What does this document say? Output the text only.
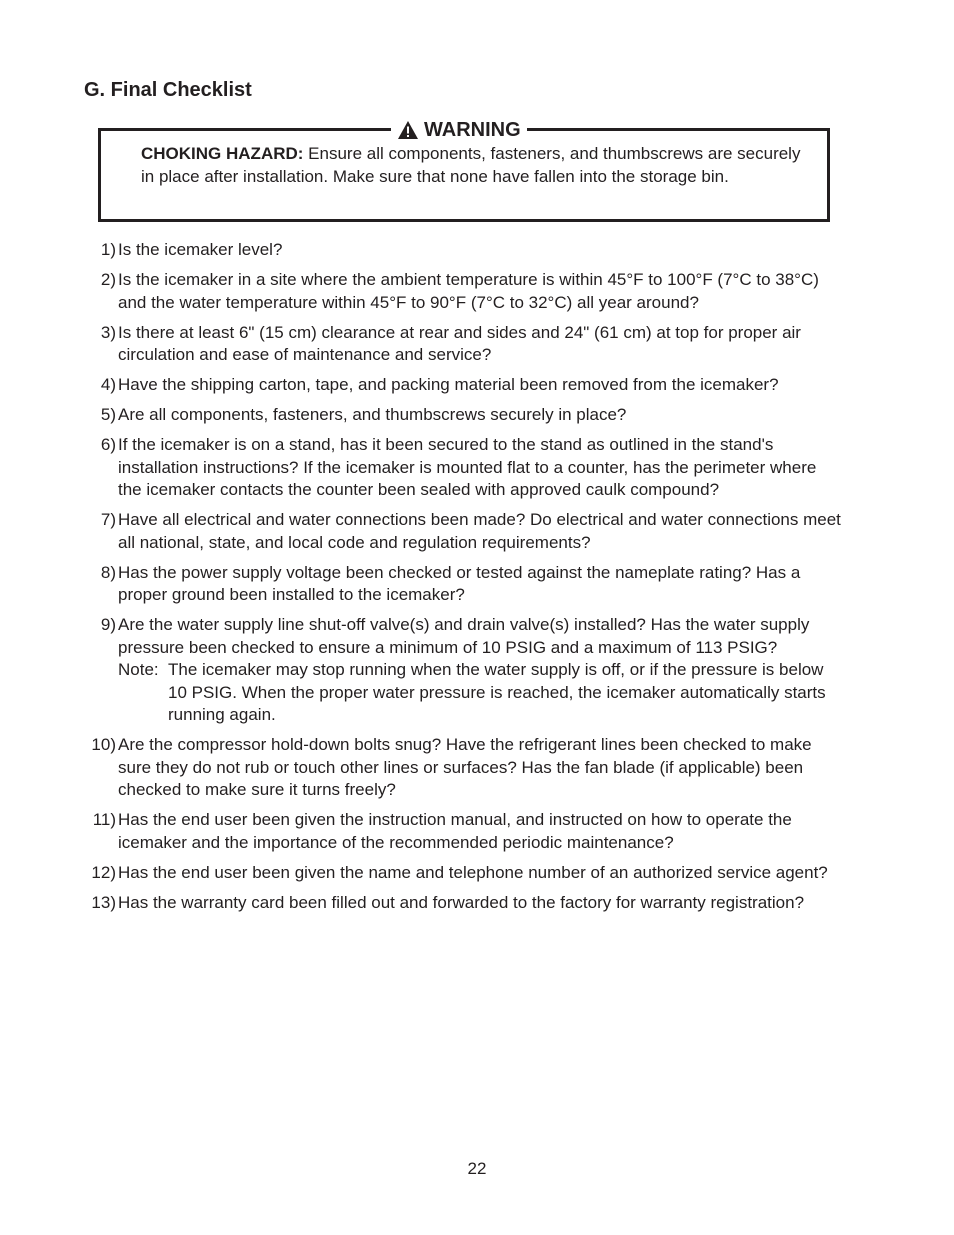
G. Final Checklist
WARNING
CHOKING HAZARD: Ensure all components, fasteners, and thumbscrews are securely in place after installation. Make sure that none have fallen into the storage bin.
1) Is the icemaker level?
2) Is the icemaker in a site where the ambient temperature is within 45°F to 100°F (7°C to 38°C) and the water temperature within 45°F to 90°F (7°C to 32°C) all year around?
3) Is there at least 6" (15 cm) clearance at rear and sides and 24" (61 cm) at top for proper air circulation and ease of maintenance and service?
4) Have the shipping carton, tape, and packing material been removed from the icemaker?
5) Are all components, fasteners, and thumbscrews securely in place?
6) If the icemaker is on a stand, has it been secured to the stand as outlined in the stand's installation instructions? If the icemaker is mounted flat to a counter, has the perimeter where the icemaker contacts the counter been sealed with approved caulk compound?
7) Have all electrical and water connections been made? Do electrical and water connections meet all national, state, and local code and regulation requirements?
8) Has the power supply voltage been checked or tested against the nameplate rating? Has a proper ground been installed to the icemaker?
9) Are the water supply line shut-off valve(s) and drain valve(s) installed? Has the water supply pressure been checked to ensure a minimum of 10 PSIG and a maximum of 113 PSIG?
Note: The icemaker may stop running when the water supply is off, or if the pressure is below 10 PSIG. When the proper water pressure is reached, the icemaker automatically starts running again.
10) Are the compressor hold-down bolts snug? Have the refrigerant lines been checked to make sure they do not rub or touch other lines or surfaces? Has the fan blade (if applicable) been checked to make sure it turns freely?
11) Has the end user been given the instruction manual, and instructed on how to operate the icemaker and the importance of the recommended periodic maintenance?
12) Has the end user been given the name and telephone number of an authorized service agent?
13) Has the warranty card been filled out and forwarded to the factory for warranty registration?
22
